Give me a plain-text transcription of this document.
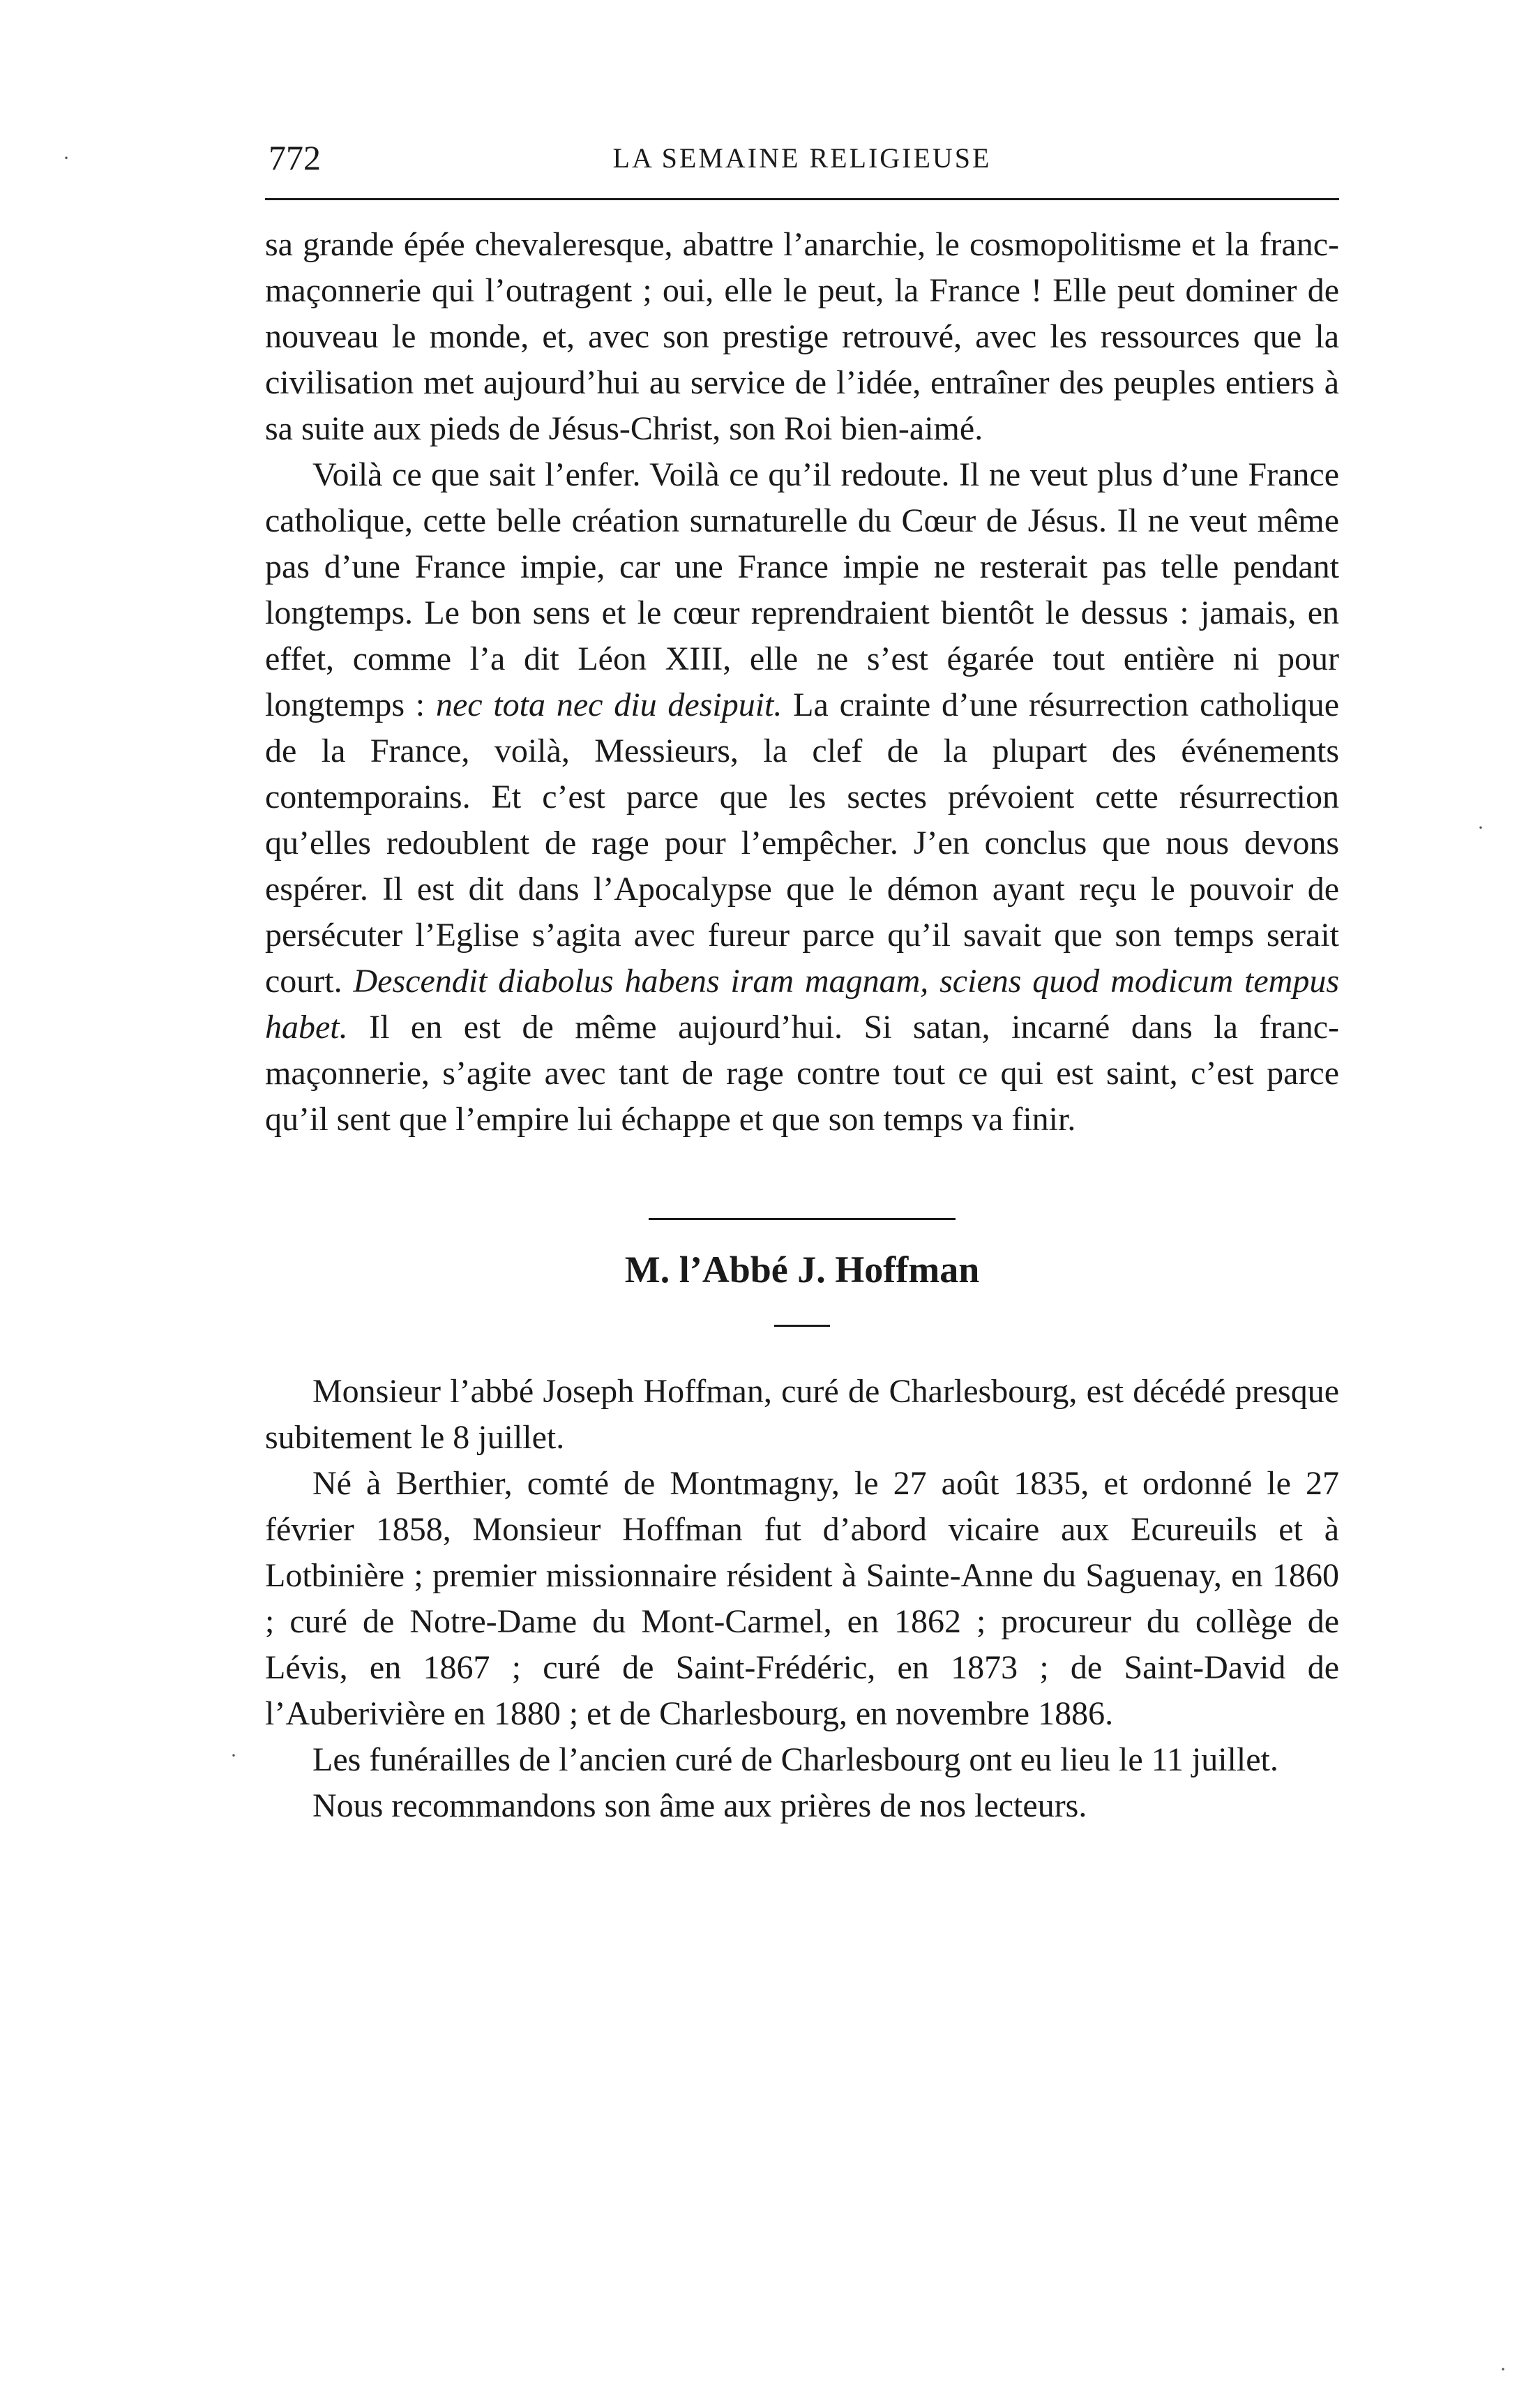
772	LA SEMAINE RELIGIEUSE

sa grande épée chevaleresque, abattre l’anarchie, le cosmopolitisme et la franc-maçonnerie qui l’outragent ; oui, elle le peut, la France ! Elle peut dominer de nouveau le monde, et, avec son prestige retrouvé, avec les ressources que la civilisation met aujourd’hui au service de l’idée, entraîner des peuples entiers à sa suite aux pieds de Jésus-Christ, son Roi bien-aimé.

Voilà ce que sait l’enfer. Voilà ce qu’il redoute. Il ne veut plus d’une France catholique, cette belle création surnaturelle du Cœur de Jésus. Il ne veut même pas d’une France impie, car une France impie ne resterait pas telle pendant longtemps. Le bon sens et le cœur reprendraient bientôt le dessus : jamais, en effet, comme l’a dit Léon XIII, elle ne s’est égarée tout entière ni pour longtemps : nec tota nec diu desipuit. La crainte d’une résurrection catholique de la France, voilà, Messieurs, la clef de la plupart des événements contemporains. Et c’est parce que les sectes prévoient cette résurrection qu’elles redoublent de rage pour l’empêcher. J’en conclus que nous devons espérer. Il est dit dans l’Apocalypse que le démon ayant reçu le pouvoir de persécuter l’Eglise s’agita avec fureur parce qu’il savait que son temps serait court. Descendit diabolus habens iram magnam, sciens quod modicum tempus habet. Il en est de même aujourd’hui. Si satan, incarné dans la franc-maçonnerie, s’agite avec tant de rage contre tout ce qui est saint, c’est parce qu’il sent que l’empire lui échappe et que son temps va finir.

M. l’Abbé J. Hoffman

Monsieur l’abbé Joseph Hoffman, curé de Charlesbourg, est décédé presque subitement le 8 juillet.

Né à Berthier, comté de Montmagny, le 27 août 1835, et ordonné le 27 février 1858, Monsieur Hoffman fut d’abord vicaire aux Ecureuils et à Lotbinière ; premier missionnaire résident à Sainte-Anne du Saguenay, en 1860 ; curé de Notre-Dame du Mont-Carmel, en 1862 ; procureur du collège de Lévis, en 1867 ; curé de Saint-Frédéric, en 1873 ; de Saint-David de l’Auberivière en 1880 ; et de Charlesbourg, en novembre 1886.

Les funérailles de l’ancien curé de Charlesbourg ont eu lieu le 11 juillet.

Nous recommandons son âme aux prières de nos lecteurs.

·
·
·
·
